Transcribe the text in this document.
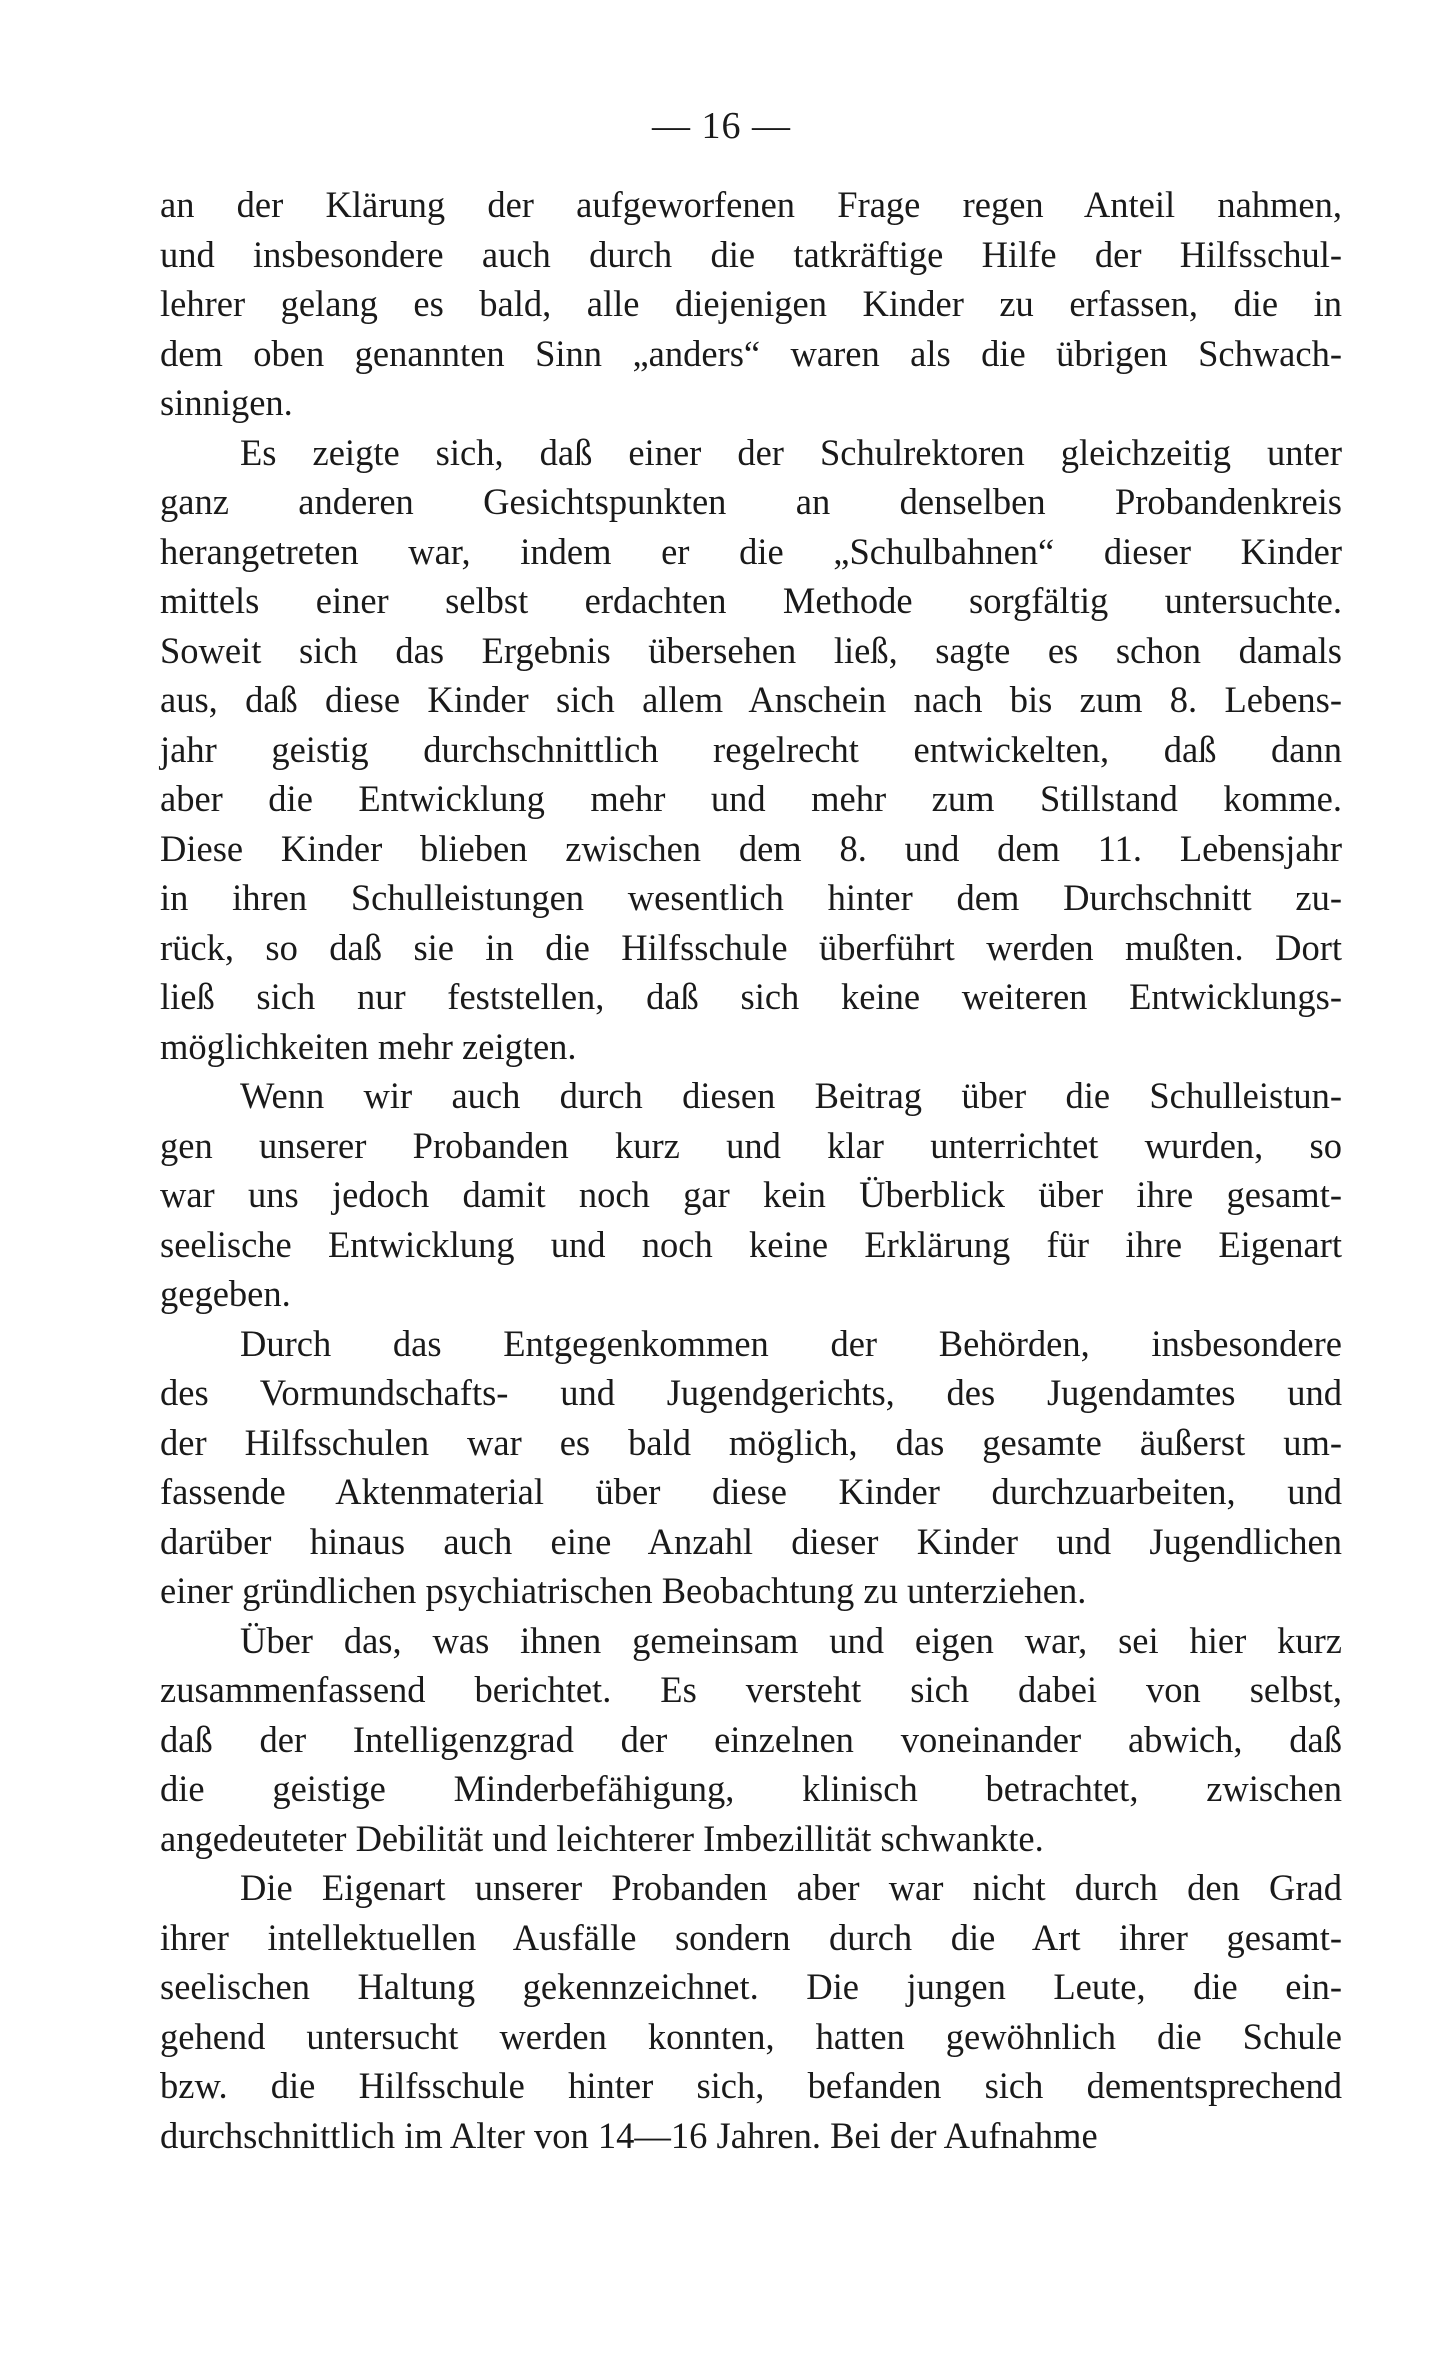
— 16 —
an der Klärung der aufgeworfenen Frage regen Anteil nahmen,
und insbesondere auch durch die tatkräftige Hilfe der Hilfsschul-
lehrer gelang es bald, alle diejenigen Kinder zu erfassen, die in
dem oben genannten Sinn „anders“ waren als die übrigen Schwach-
sinnigen.
Es zeigte sich, daß einer der Schulrektoren gleichzeitig unter
ganz anderen Gesichtspunkten an denselben Probandenkreis
herangetreten war, indem er die „Schulbahnen“ dieser Kinder
mittels einer selbst erdachten Methode sorgfältig untersuchte.
Soweit sich das Ergebnis übersehen ließ, sagte es schon damals
aus, daß diese Kinder sich allem Anschein nach bis zum 8. Lebens-
jahr geistig durchschnittlich regelrecht entwickelten, daß dann
aber die Entwicklung mehr und mehr zum Stillstand komme.
Diese Kinder blieben zwischen dem 8. und dem 11. Lebensjahr
in ihren Schulleistungen wesentlich hinter dem Durchschnitt zu-
rück, so daß sie in die Hilfsschule überführt werden mußten. Dort
ließ sich nur feststellen, daß sich keine weiteren Entwicklungs-
möglichkeiten mehr zeigten.
Wenn wir auch durch diesen Beitrag über die Schulleistun-
gen unserer Probanden kurz und klar unterrichtet wurden, so
war uns jedoch damit noch gar kein Überblick über ihre gesamt-
seelische Entwicklung und noch keine Erklärung für ihre Eigenart
gegeben.
Durch das Entgegenkommen der Behörden, insbesondere
des Vormundschafts- und Jugendgerichts, des Jugendamtes und
der Hilfsschulen war es bald möglich, das gesamte äußerst um-
fassende Aktenmaterial über diese Kinder durchzuarbeiten, und
darüber hinaus auch eine Anzahl dieser Kinder und Jugendlichen
einer gründlichen psychiatrischen Beobachtung zu unterziehen.
Über das, was ihnen gemeinsam und eigen war, sei hier kurz
zusammenfassend berichtet. Es versteht sich dabei von selbst,
daß der Intelligenzgrad der einzelnen voneinander abwich, daß
die geistige Minderbefähigung, klinisch betrachtet, zwischen
angedeuteter Debilität und leichterer Imbezillität schwankte.
Die Eigenart unserer Probanden aber war nicht durch den Grad
ihrer intellektuellen Ausfälle sondern durch die Art ihrer gesamt-
seelischen Haltung gekennzeichnet. Die jungen Leute, die ein-
gehend untersucht werden konnten, hatten gewöhnlich die Schule
bzw. die Hilfsschule hinter sich, befanden sich dementsprechend
durchschnittlich im Alter von 14—16 Jahren. Bei der Aufnahme
